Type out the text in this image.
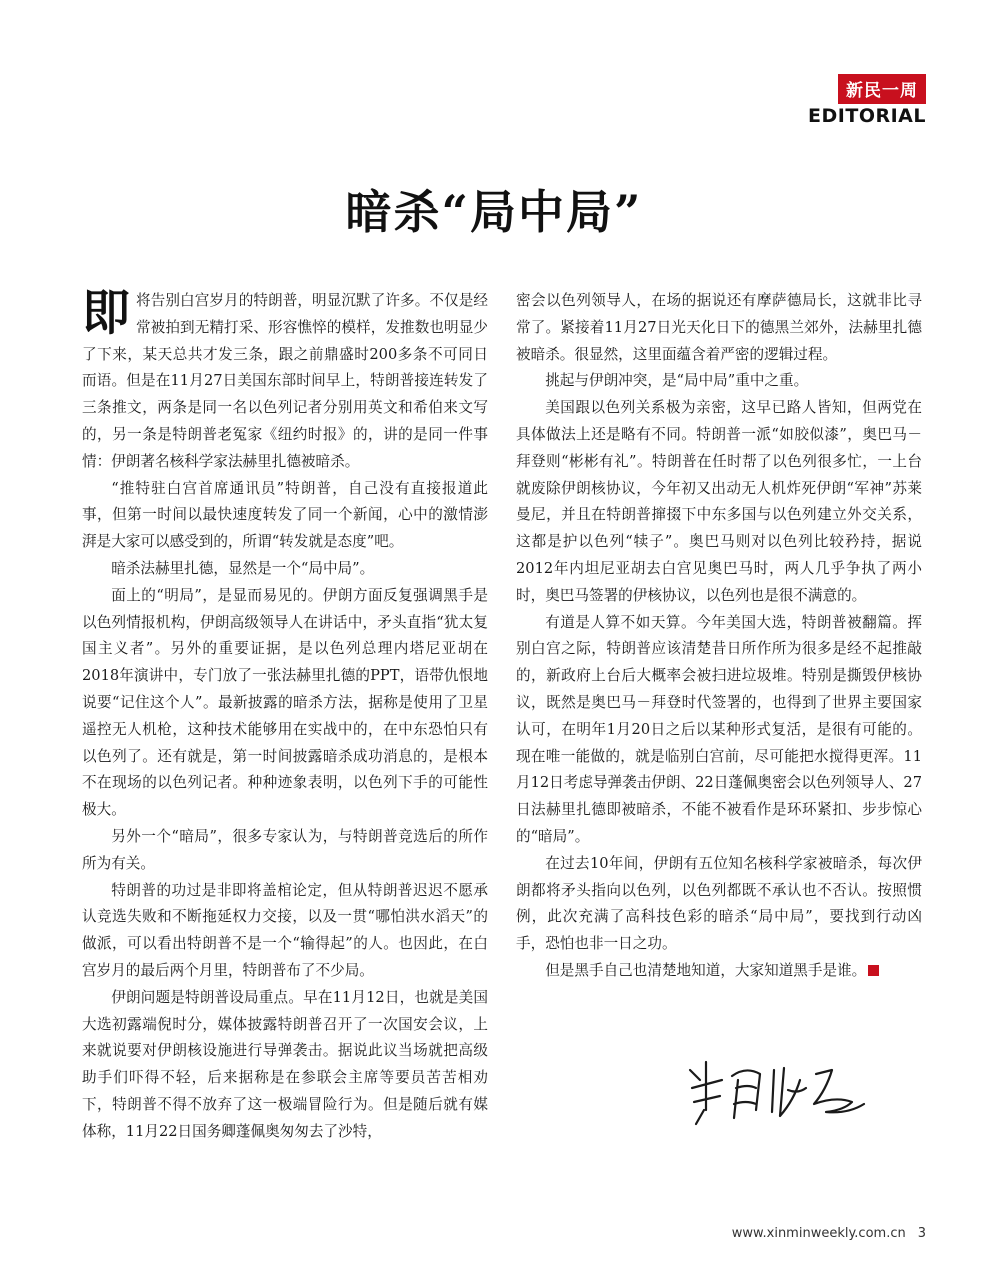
新民一周
EDITORIAL
暗杀“局中局”

即将告别白宫岁月的特朗普，明显沉默了许多。不仅是经常被拍到无精打采、形容憔悴的模样，发推数也明显少了下来，某天总共才发三条，跟之前鼎盛时200多条不可同日而语。但是在11月27日美国东部时间早上，特朗普接连转发了三条推文，两条是同一名以色列记者分别用英文和希伯来文写的，另一条是特朗普老冤家《纽约时报》的，讲的是同一件事情：伊朗著名核科学家法赫里扎德被暗杀。

“推特驻白宫首席通讯员”特朗普，自己没有直接报道此事，但第一时间以最快速度转发了同一个新闻，心中的激情澎湃是大家可以感受到的，所谓“转发就是态度”吧。

暗杀法赫里扎德，显然是一个“局中局”。

面上的“明局”，是显而易见的。伊朗方面反复强调黑手是以色列情报机构，伊朗高级领导人在讲话中，矛头直指“犹太复国主义者”。另外的重要证据，是以色列总理内塔尼亚胡在2018年演讲中，专门放了一张法赫里扎德的PPT，语带仇恨地说要“记住这个人”。最新披露的暗杀方法，据称是使用了卫星遥控无人机枪，这种技术能够用在实战中的，在中东恐怕只有以色列了。还有就是，第一时间披露暗杀成功消息的，是根本不在现场的以色列记者。种种迹象表明，以色列下手的可能性极大。

另外一个“暗局”，很多专家认为，与特朗普竞选后的所作所为有关。

特朗普的功过是非即将盖棺论定，但从特朗普迟迟不愿承认竞选失败和不断拖延权力交接，以及一贯“哪怕洪水滔天”的做派，可以看出特朗普不是一个“输得起”的人。也因此，在白宫岁月的最后两个月里，特朗普布了不少局。

伊朗问题是特朗普设局重点。早在11月12日，也就是美国大选初露端倪时分，媒体披露特朗普召开了一次国安会议，上来就说要对伊朗核设施进行导弹袭击。据说此议当场就把高级助手们吓得不轻，后来据称是在参联会主席等要员苦苦相劝下，特朗普不得不放弃了这一极端冒险行为。但是随后就有媒体称，11月22日国务卿蓬佩奥匆匆去了沙特，

密会以色列领导人，在场的据说还有摩萨德局长，这就非比寻常了。紧接着11月27日光天化日下的德黑兰郊外，法赫里扎德被暗杀。很显然，这里面蕴含着严密的逻辑过程。

挑起与伊朗冲突，是“局中局”重中之重。

美国跟以色列关系极为亲密，这早已路人皆知，但两党在具体做法上还是略有不同。特朗普一派“如胶似漆”，奥巴马－拜登则“彬彬有礼”。特朗普在任时帮了以色列很多忙，一上台就废除伊朗核协议，今年初又出动无人机炸死伊朗“军神”苏莱曼尼，并且在特朗普撺掇下中东多国与以色列建立外交关系，这都是护以色列“犊子”。奥巴马则对以色列比较矜持，据说2012年内坦尼亚胡去白宫见奥巴马时，两人几乎争执了两小时，奥巴马签署的伊核协议，以色列也是很不满意的。

有道是人算不如天算。今年美国大选，特朗普被翻篇。挥别白宫之际，特朗普应该清楚昔日所作所为很多是经不起推敲的，新政府上台后大概率会被扫进垃圾堆。特别是撕毁伊核协议，既然是奥巴马－拜登时代签署的，也得到了世界主要国家认可，在明年1月20日之后以某种形式复活，是很有可能的。现在唯一能做的，就是临别白宫前，尽可能把水搅得更浑。11月12日考虑导弹袭击伊朗、22日蓬佩奥密会以色列领导人、27日法赫里扎德即被暗杀，不能不被看作是环环紧扣、步步惊心的“暗局”。

在过去10年间，伊朗有五位知名核科学家被暗杀，每次伊朗都将矛头指向以色列，以色列都既不承认也不否认。按照惯例，此次充满了高科技色彩的暗杀“局中局”，要找到行动凶手，恐怕也非一日之功。

但是黑手自己也清楚地知道，大家知道黑手是谁。	民

www.xinminweekly.com.cn 3
